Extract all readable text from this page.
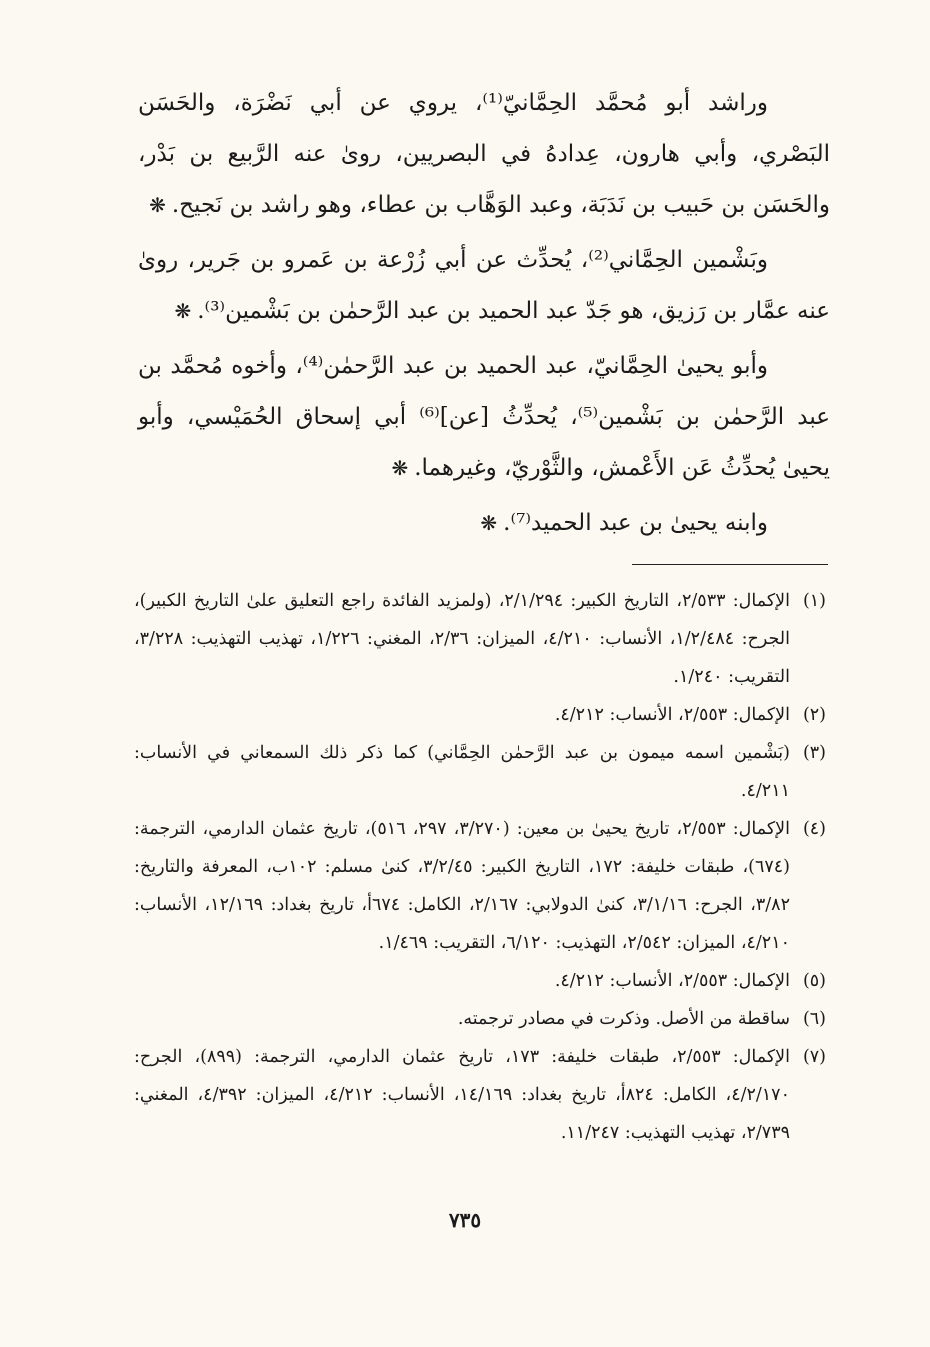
وراشد أبو مُحمَّد الحِمَّانيّ⁽¹⁾، يروي عن أبي نَضْرَة، والحَسَن البَصْري، وأبي هارون، عِدادهُ في البصريين، روىٰ عنه الرَّبيع بن بَدْر، والحَسَن بن حَبيب بن نَدَبَة، وعبد الوَهَّاب بن عطاء، وهو راشد بن نَجيح.❋

وبَشْمين الحِمَّاني⁽²⁾، يُحدِّث عن أبي زُرْعة بن عَمرو بن جَرير، روىٰ عنه عمَّار بن رَزيق، هو جَدّ عبد الحميد بن عبد الرَّحمٰن بن بَشْمين⁽³⁾.❋

وأبو يحيىٰ الحِمَّانيّ، عبد الحميد بن عبد الرَّحمٰن⁽⁴⁾، وأخوه مُحمَّد بن عبد الرَّحمٰن بن بَشْمين⁽⁵⁾، يُحدِّثُ [عن]⁽⁶⁾ أبي إسحاق الحُمَيْسي، وأبو يحيىٰ يُحدِّثُ عَن الأَعْمش، والثَّوْريّ، وغيرهما.❋

وابنه يحيىٰ بن عبد الحميد⁽⁷⁾.❋

(١)
الإكمال: ٢/٥٣٣، التاريخ الكبير: ٢/١/٢٩٤، (ولمزيد الفائدة راجع التعليق علىٰ التاريخ الكبير)، الجرح: ١/٢/٤٨٤، الأنساب: ٤/٢١٠، الميزان: ٢/٣٦، المغني: ١/٢٢٦، تهذيب التهذيب: ٣/٢٢٨، التقريب: ١/٢٤٠.
(٢)
الإكمال: ٢/٥٥٣، الأنساب: ٤/٢١٢.
(٣)
(بَشْمين اسمه ميمون بن عبد الرَّحمٰن الحِمَّاني) كما ذكر ذلك السمعاني في الأنساب: ٤/٢١١.
(٤)
الإكمال: ٢/٥٥٣، تاريخ يحيىٰ بن معين: (٣/٢٧٠، ٢٩٧، ٥١٦)، تاريخ عثمان الدارمي، الترجمة: (٦٧٤)، طبقات خليفة: ١٧٢، التاريخ الكبير: ٣/٢/٤٥، كنىٰ مسلم: ١٠٢ب، المعرفة والتاريخ: ٣/٨٢، الجرح: ٣/١/١٦، كنىٰ الدولابي: ٢/١٦٧، الكامل: ٦٧٤أ، تاريخ بغداد: ١٢/١٦٩، الأنساب: ٤/٢١٠، الميزان: ٢/٥٤٢، التهذيب: ٦/١٢٠، التقريب: ١/٤٦٩.
(٥)
الإكمال: ٢/٥٥٣، الأنساب: ٤/٢١٢.
(٦)
ساقطة من الأصل. وذكرت في مصادر ترجمته.
(٧)
الإكمال: ٢/٥٥٣، طبقات خليفة: ١٧٣، تاريخ عثمان الدارمي، الترجمة: (٨٩٩)، الجرح: ٤/٢/١٧٠، الكامل: ٨٢٤أ، تاريخ بغداد: ١٤/١٦٩، الأنساب: ٤/٢١٢، الميزان: ٤/٣٩٢، المغني: ٢/٧٣٩، تهذيب التهذيب: ١١/٢٤٧.
٧٣٥
